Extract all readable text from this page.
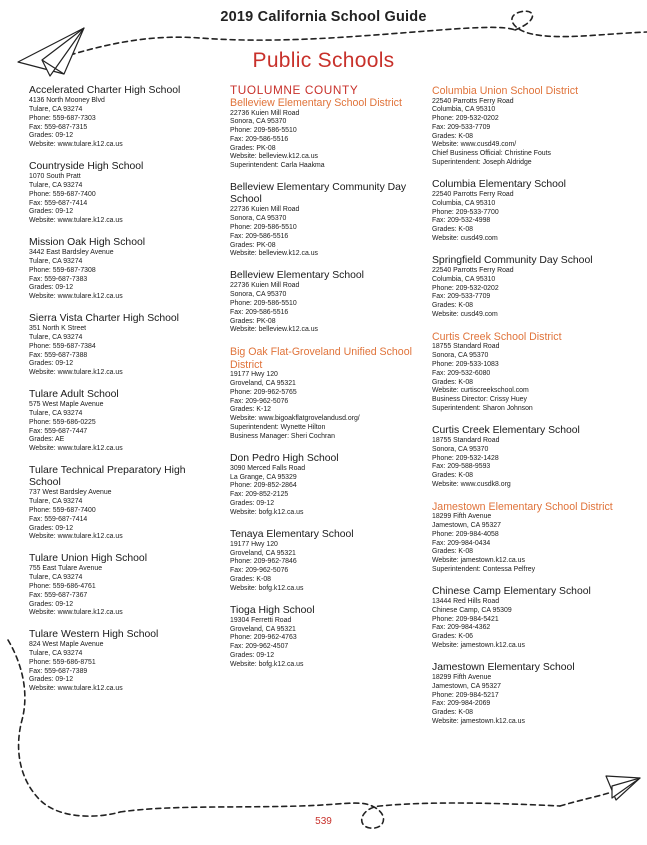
2019 California School Guide
Public Schools
Accelerated Charter High School
4136 North Mooney Blvd
Tulare, CA 93274
Phone: 559-687-7303
Fax: 559-687-7315
Grades: 09-12
Website: www.tulare.k12.ca.us
Countryside High School
1070 South Pratt
Tulare, CA 93274
Phone: 559-687-7400
Fax: 559-687-7414
Grades: 09-12
Website: www.tulare.k12.ca.us
Mission Oak High School
3442 East Bardsley Avenue
Tulare, CA 93274
Phone: 559-687-7308
Fax: 559-687-7383
Grades: 09-12
Website: www.tulare.k12.ca.us
Sierra Vista Charter High School
351 North K Street
Tulare, CA 93274
Phone: 559-687-7384
Fax: 559-687-7388
Grades: 09-12
Website: www.tulare.k12.ca.us
Tulare Adult School
575 West Maple Avenue
Tulare, CA 93274
Phone: 559-686-0225
Fax: 559-687-7447
Grades: AE
Website: www.tulare.k12.ca.us
Tulare Technical Preparatory High School
737 West Bardsley Avenue
Tulare, CA 93274
Phone: 559-687-7400
Fax: 559-687-7414
Grades: 09-12
Website: www.tulare.k12.ca.us
Tulare Union High School
755 East Tulare Avenue
Tulare, CA 93274
Phone: 559-686-4761
Fax: 559-687-7367
Grades: 09-12
Website: www.tulare.k12.ca.us
Tulare Western High School
824 West Maple Avenue
Tulare, CA 93274
Phone: 559-686-8751
Fax: 559-687-7389
Grades: 09-12
Website: www.tulare.k12.ca.us
TUOLUMNE COUNTY
Belleview Elementary School District
22736 Kuien Mill Road
Sonora, CA 95370
Phone: 209-586-5510
Fax: 209-586-5516
Grades: PK-08
Website: belleview.k12.ca.us
Superintendent: Carla Haakma
Belleview Elementary Community Day School
22736 Kuien Mill Road
Sonora, CA 95370
Phone: 209-586-5510
Fax: 209-586-5516
Grades: PK-08
Website: belleview.k12.ca.us
Belleview Elementary School
22736 Kuien Mill Road
Sonora, CA 95370
Phone: 209-586-5510
Fax: 209-586-5516
Grades: PK-08
Website: belleview.k12.ca.us
Big Oak Flat-Groveland Unified School District
19177 Hwy 120
Groveland, CA 95321
Phone: 209-962-5765
Fax: 209-962-5076
Grades: K-12
Website: www.bigoakflatgrovelandusd.org/
Superintendent: Wynette Hilton
Business Manager: Sheri Cochran
Don Pedro High School
3090 Merced Falls Road
La Grange, CA 95329
Phone: 209-852-2864
Fax: 209-852-2125
Grades: 09-12
Website: bofg.k12.ca.us
Tenaya Elementary School
19177 Hwy 120
Groveland, CA 95321
Phone: 209-962-7846
Fax: 209-962-5076
Grades: K-08
Website: bofg.k12.ca.us
Tioga High School
19304 Ferretti Road
Groveland, CA 95321
Phone: 209-962-4763
Fax: 209-962-4507
Grades: 09-12
Website: bofg.k12.ca.us
Columbia Union School District
22540 Parrotts Ferry Road
Columbia, CA 95310
Phone: 209-532-0202
Fax: 209-533-7709
Grades: K-08
Website: www.cusd49.com/
Chief Business Official: Christine Fouts
Superintendent: Joseph Aldridge
Columbia Elementary School
22540 Parrotts Ferry Road
Columbia, CA 95310
Phone: 209-533-7700
Fax: 209-532-4998
Grades: K-08
Website: cusd49.com
Springfield Community Day School
22540 Parrotts Ferry Road
Columbia, CA 95310
Phone: 209-532-0202
Fax: 209-533-7709
Grades: K-08
Website: cusd49.com
Curtis Creek School District
18755 Standard Road
Sonora, CA 95370
Phone: 209-533-1083
Fax: 209-532-6080
Grades: K-08
Website: curtiscreekschool.com
Business Director: Crissy Huey
Superintendent: Sharon Johnson
Curtis Creek Elementary School
18755 Standard Road
Sonora, CA 95370
Phone: 209-532-1428
Fax: 209-588-9593
Grades: K-08
Website: www.cusdk8.org
Jamestown Elementary School District
18299 Fifth Avenue
Jamestown, CA 95327
Phone: 209-984-4058
Fax: 209-984-0434
Grades: K-08
Website: jamestown.k12.ca.us
Superintendent: Contessa Pelfrey
Chinese Camp Elementary School
13444 Red Hills Road
Chinese Camp, CA 95309
Phone: 209-984-5421
Fax: 209-984-4362
Grades: K-06
Website: jamestown.k12.ca.us
Jamestown Elementary School
18299 Fifth Avenue
Jamestown, CA 95327
Phone: 209-984-5217
Fax: 209-984-2069
Grades: K-08
Website: jamestown.k12.ca.us
539
